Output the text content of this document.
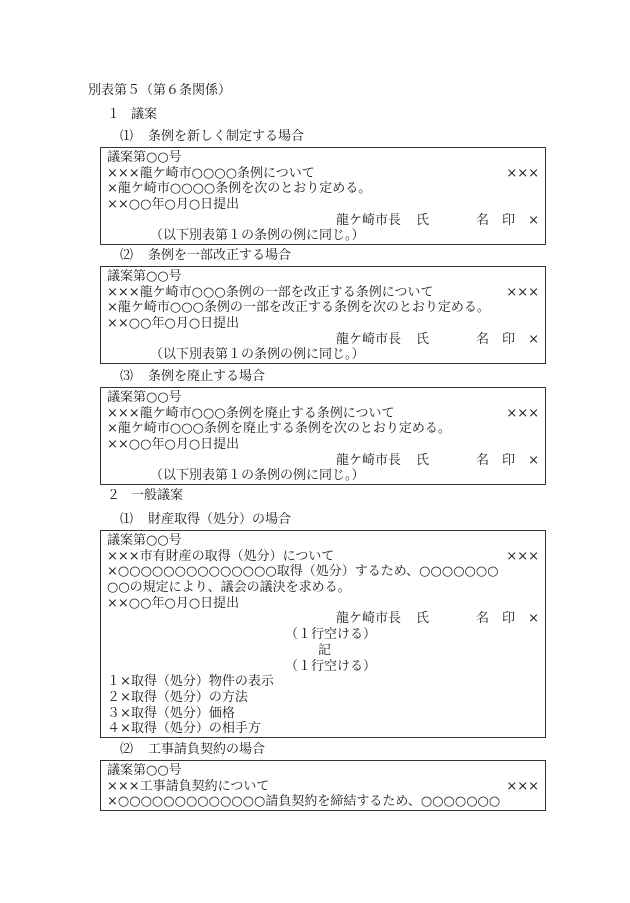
別表第５（第６条関係）
１ 議案
⑴ 条例を新しく制定する場合
議案第○○号
×××龍ケ崎市○○○○条例について	×××
×龍ケ崎市○○○○条例を次のとおり定める。
××○○年○月○日提出
龍ケ崎市長 氏	名 印 ×
（以下別表第１の条例の例に同じ。）
⑵ 条例を一部改正する場合
議案第○○号
×××龍ケ崎市○○○条例の一部を改正する条例について	×××
×龍ケ崎市○○○条例の一部を改正する条例を次のとおり定める。
××○○年○月○日提出
龍ケ崎市長 氏	名 印 ×
（以下別表第１の条例の例に同じ。）
⑶ 条例を廃止する場合
議案第○○号
×××龍ケ崎市○○○条例を廃止する条例について	×××
×龍ケ崎市○○○条例を廃止する条例を次のとおり定める。
××○○年○月○日提出
龍ケ崎市長 氏	名 印 ×
（以下別表第１の条例の例に同じ。）
２ 一般議案
⑴ 財産取得（処分）の場合
議案第○○号
×××市有財産の取得（処分）について	×××
×○○○○○○○○○○○○○○取得（処分）するため、○○○○○○○
○○の規定により、議会の議決を求める。
××○○年○月○日提出
龍ケ崎市長 氏	名 印 ×
（１行空ける）
記
（１行空ける）
１×取得（処分）物件の表示
２×取得（処分）の方法
３×取得（処分）価格
４×取得（処分）の相手方
⑵ 工事請負契約の場合
議案第○○号
×××工事請負契約について	×××
×○○○○○○○○○○○○○請負契約を締結するため、○○○○○○○
